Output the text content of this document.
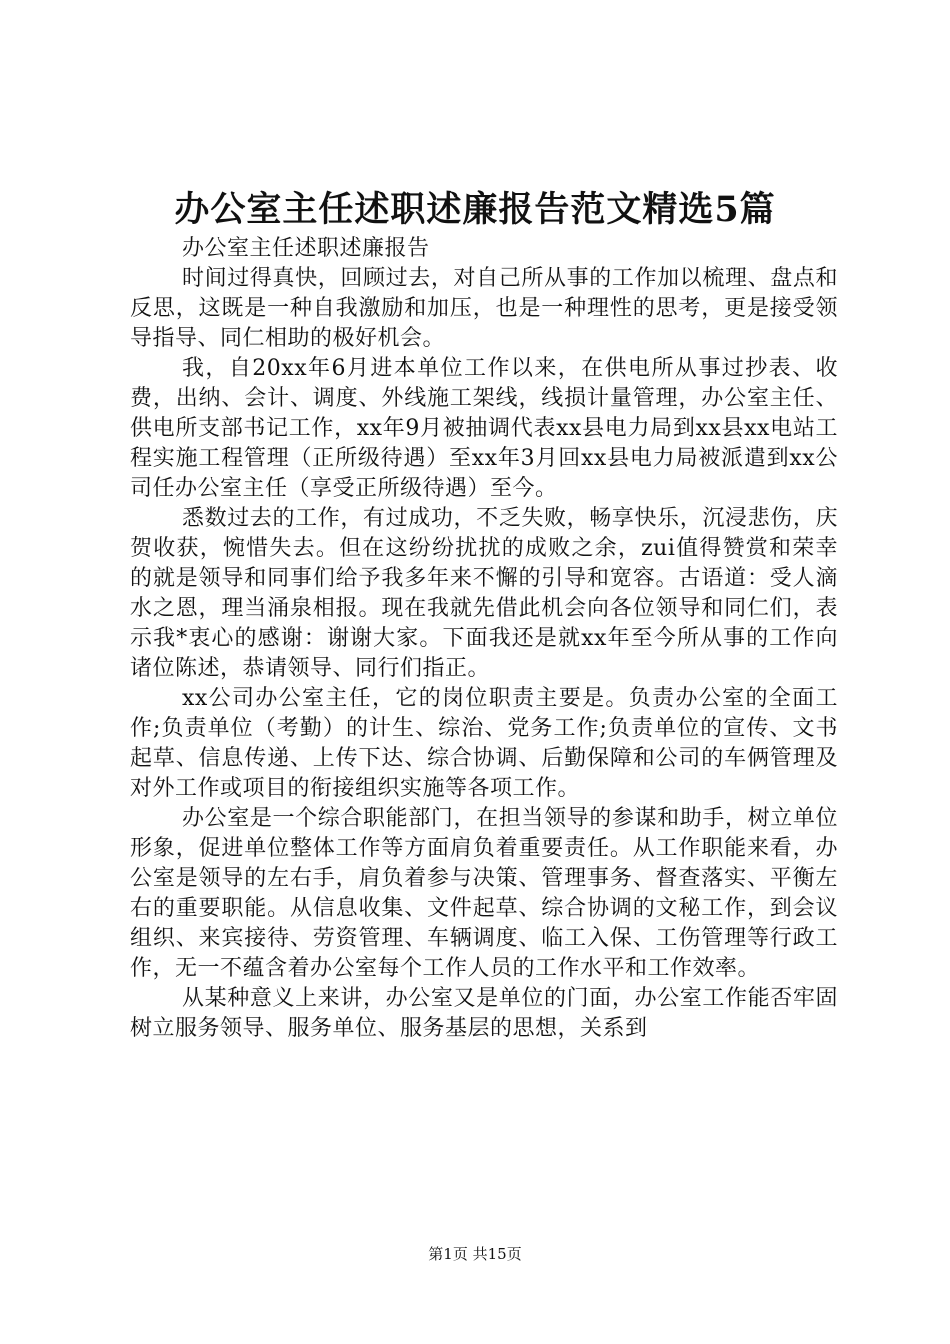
办公室主任述职述廉报告范文精选5篇

办公室主任述职述廉报告

时间过得真快，回顾过去，对自己所从事的工作加以梳理、盘点和反思，这既是一种自我激励和加压，也是一种理性的思考，更是接受领导指导、同仁相助的极好机会。

我，自20xx年6月进本单位工作以来，在供电所从事过抄表、收费，出纳、会计、调度、外线施工架线，线损计量管理，办公室主任、供电所支部书记工作，xx年9月被抽调代表xx县电力局到xx县xx电站工程实施工程管理（正所级待遇）至xx年3月回xx县电力局被派遣到xx公司任办公室主任（享受正所级待遇）至今。

悉数过去的工作，有过成功，不乏失败，畅享快乐，沉浸悲伤，庆贺收获，惋惜失去。但在这纷纷扰扰的成败之余，zui值得赞赏和荣幸的就是领导和同事们给予我多年来不懈的引导和宽容。古语道：受人滴水之恩，理当涌泉相报。现在我就先借此机会向各位领导和同仁们，表示我*衷心的感谢：谢谢大家。下面我还是就xx年至今所从事的工作向诸位陈述，恭请领导、同行们指正。

xx公司办公室主任，它的岗位职责主要是。负责办公室的全面工作;负责单位（考勤）的计生、综治、党务工作;负责单位的宣传、文书起草、信息传递、上传下达、综合协调、后勤保障和公司的车俩管理及对外工作或项目的衔接组织实施等各项工作。

办公室是一个综合职能部门，在担当领导的参谋和助手，树立单位形象，促进单位整体工作等方面肩负着重要责任。从工作职能来看，办公室是领导的左右手，肩负着参与决策、管理事务、督查落实、平衡左右的重要职能。从信息收集、文件起草、综合协调的文秘工作，到会议组织、来宾接待、劳资管理、车辆调度、临工入保、工伤管理等行政工作，无一不蕴含着办公室每个工作人员的工作水平和工作效率。

从某种意义上来讲，办公室又是单位的门面，办公室工作能否牢固树立服务领导、服务单位、服务基层的思想，关系到

第1页 共15页
